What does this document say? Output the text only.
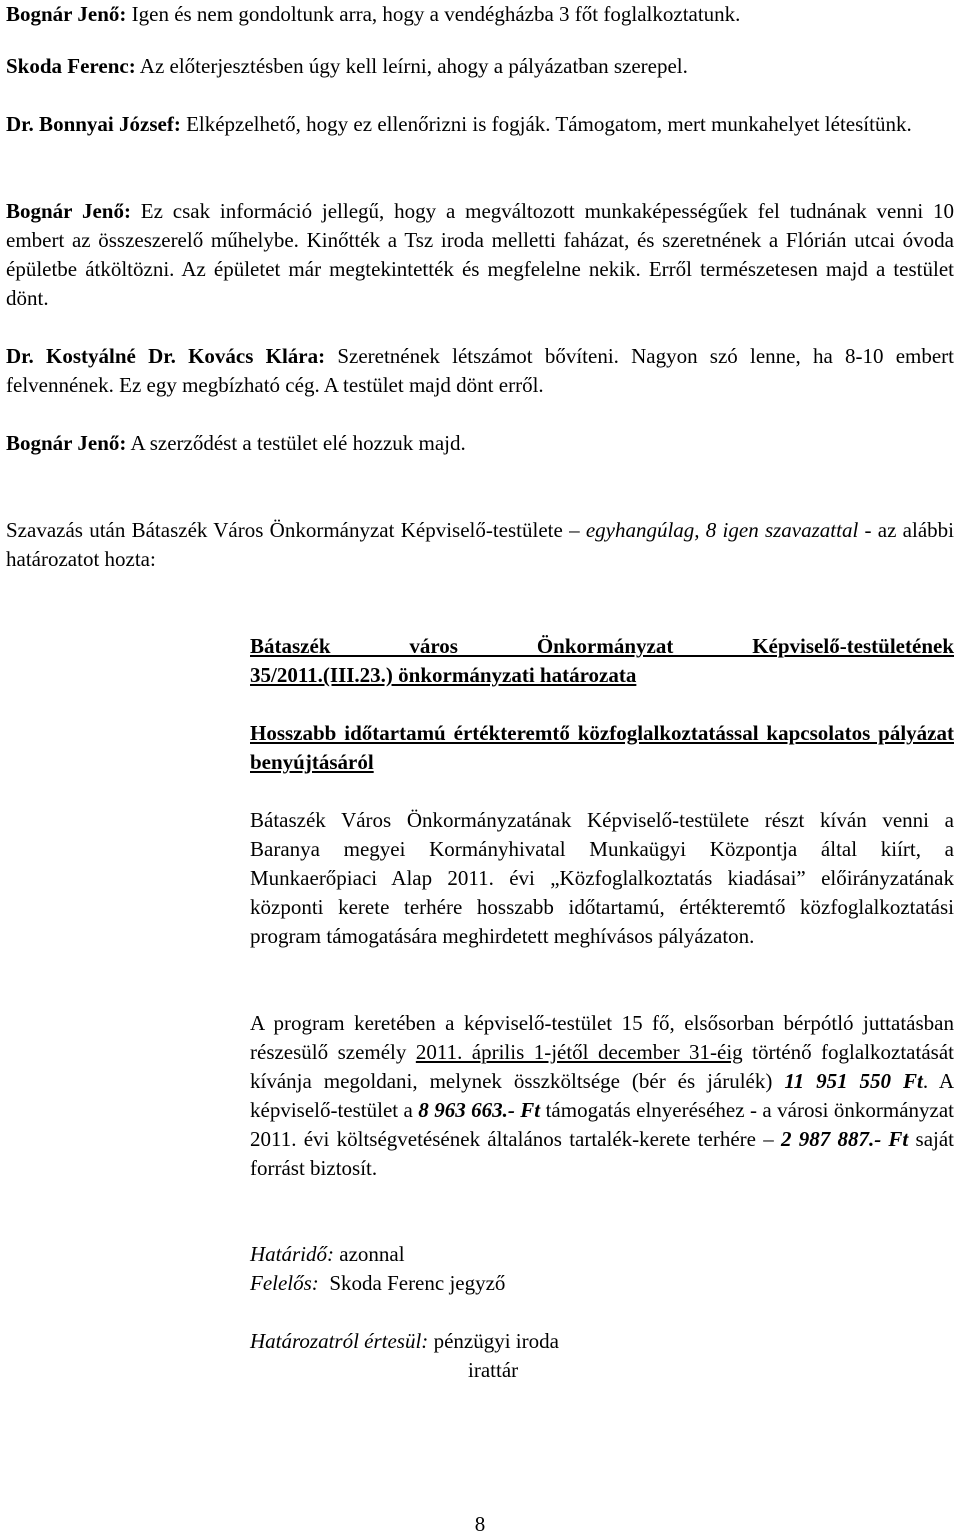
Bognár Jenő: Igen és nem gondoltunk arra, hogy a vendégházba 3 főt foglalkoztatunk.

Skoda Ferenc: Az előterjesztésben úgy kell leírni, ahogy a pályázatban szerepel.

Dr. Bonnyai József: Elképzelhető, hogy ez ellenőrizni is fogják. Támogatom, mert munkahelyet létesítünk.

Bognár Jenő: Ez csak információ jellegű, hogy a megváltozott munkaképességűek fel tudnának venni 10 embert az összeszerelő műhelybe. Kinőtték a Tsz iroda melletti faházat, és szeretnének a Flórián utcai óvoda épületbe átköltözni. Az épületet már megtekintették és megfelelne nekik. Erről természetesen majd a testület dönt.

Dr. Kostyálné Dr. Kovács Klára: Szeretnének létszámot bővíteni. Nagyon szó lenne, ha 8-10 embert felvennének. Ez egy megbízható cég. A testület majd dönt erről.

Bognár Jenő: A szerződést a testület elé hozzuk majd.

Szavazás után Bátaszék Város Önkormányzat Képviselő-testülete – egyhangúlag, 8 igen szavazattal - az alábbi határozatot hozta:

Bátaszék város Önkormányzat Képviselő-testületének
35/2011.(III.23.) önkormányzati határozata

Hosszabb időtartamú értékteremtő közfoglalkoztatással kapcsolatos pályázat benyújtásáról

Bátaszék Város Önkormányzatának Képviselő-testülete részt kíván venni a Baranya megyei Kormányhivatal Munkaügyi Központja által kiírt, a Munkaerőpiaci Alap 2011. évi „Közfoglalkoztatás kiadásai” előirányzatának központi kerete terhére hosszabb időtartamú, értékteremtő közfoglalkoztatási program támogatására meghirdetett meghívásos pályázaton.

A program keretében a képviselő-testület 15 fő, elsősorban bérpótló juttatásban részesülő személy 2011. április 1-jétől december 31-éig történő foglalkoztatását kívánja megoldani, melynek összköltsége (bér és járulék) 11 951 550 Ft. A képviselő-testület a 8 963 663.- Ft támogatás elnyeréséhez - a városi önkormányzat 2011. évi költségvetésének általános tartalék-kerete terhére – 2 987 887.- Ft saját forrást biztosít.

Határidő: azonnal

Felelős:  Skoda Ferenc jegyző

Határozatról értesül: pénzügyi iroda

irattár

8
